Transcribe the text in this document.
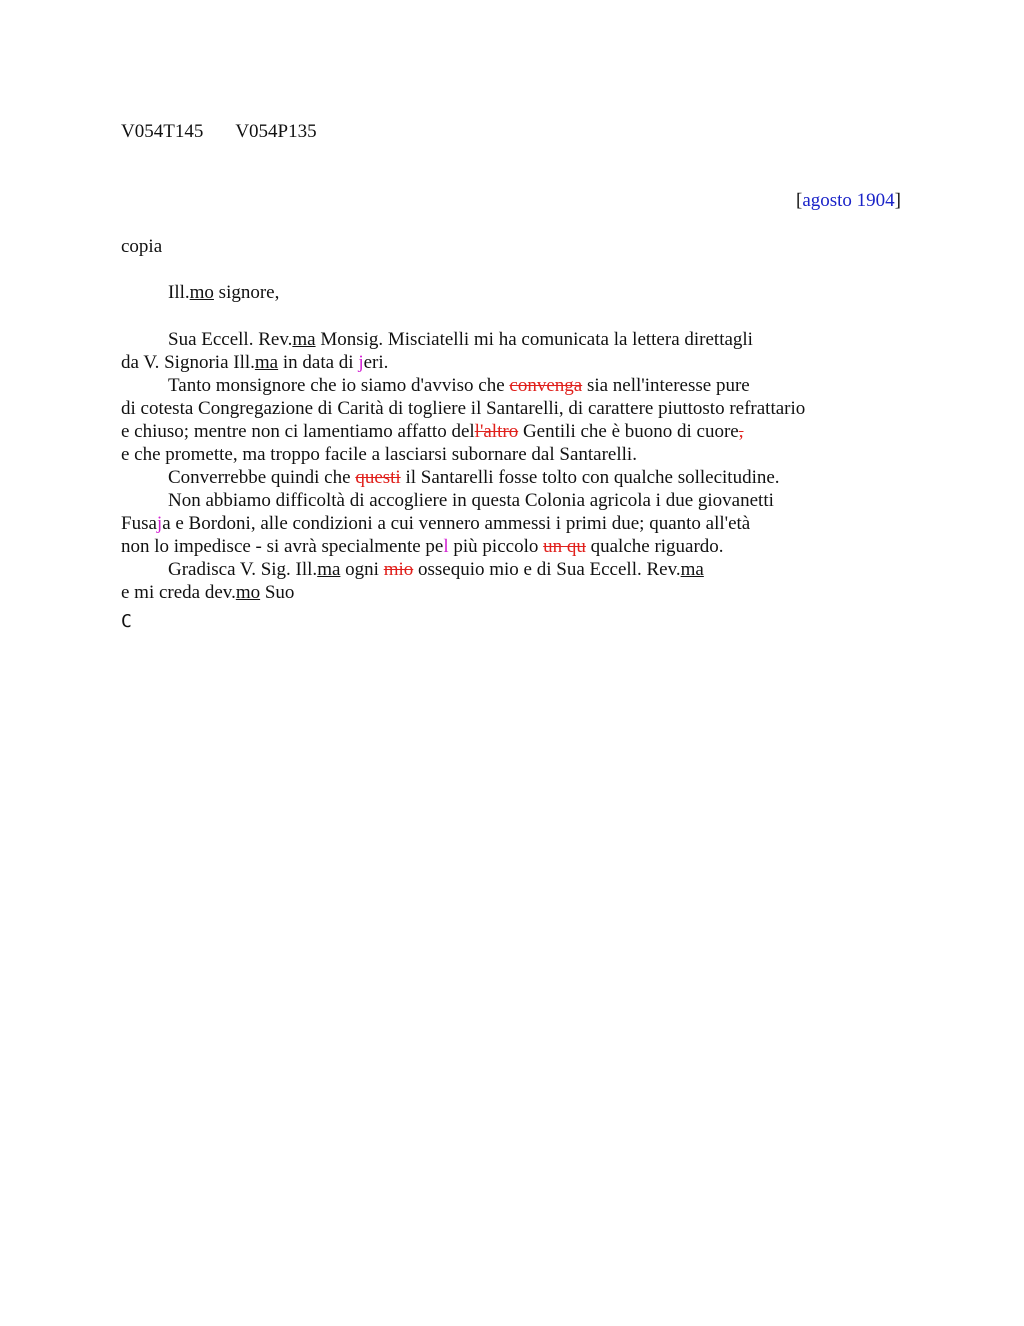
V054T145 V054P135
[agosto 1904]
copia
Ill.mo signore,
Sua Eccell. Rev.ma Monsig. Misciatelli mi ha comunicata la lettera direttagli
da V. Signoria Ill.ma in data di jeri.
Tanto monsignore che io siamo d'avviso che convenga sia nell'interesse pure
di cotesta Congregazione di Carità di togliere il Santarelli, di carattere piuttosto refrattario
e chiuso; mentre non ci lamentiamo affatto dell'altro Gentili che è buono di cuore,
e che promette, ma troppo facile a lasciarsi subornare dal Santarelli.
Converrebbe quindi che questi il Santarelli fosse tolto con qualche sollecitudine.
Non abbiamo difficoltà di accogliere in questa Colonia agricola i due giovanetti
Fusaja e Bordoni, alle condizioni a cui vennero ammessi i primi due; quanto all'età
non lo impedisce - si avrà specialmente pel più piccolo un qu qualche riguardo.
Gradisca V. Sig. Ill.ma ogni mio ossequio mio e di Sua Eccell. Rev.ma
e mi creda dev.mo Suo
C
